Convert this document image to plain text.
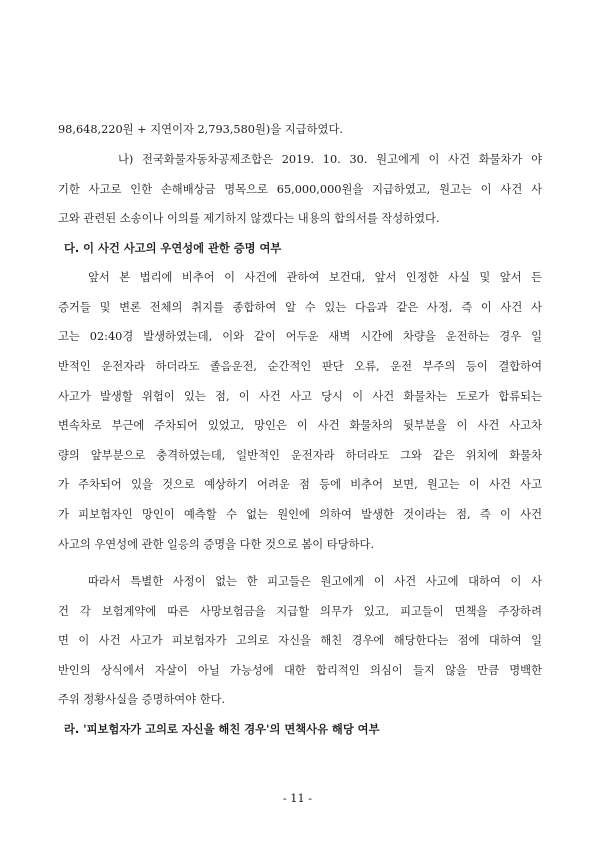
98,648,220원 + 지연이자 2,793,580원)을 지급하였다.
나) 전국화물자동차공제조합은 2019. 10. 30. 원고에게 이 사건 화물차가 야
기한 사고로 인한 손해배상금 명목으로 65,000,000원을 지급하였고, 원고는 이 사건 사
고와 관련된 소송이나 이의를 제기하지 않겠다는 내용의 합의서를 작성하였다.
다. 이 사건 사고의 우연성에 관한 증명 여부
앞서 본 법리에 비추어 이 사건에 관하여 보건대, 앞서 인정한 사실 및 앞서 든
증거들 및 변론 전체의 취지를 종합하여 알 수 있는 다음과 같은 사정, 즉 이 사건 사
고는 02:40경 발생하였는데, 이와 같이 어두운 새벽 시간에 차량을 운전하는 경우 일
반적인 운전자라 하더라도 졸음운전, 순간적인 판단 오류, 운전 부주의 등이 결합하여
사고가 발생할 위험이 있는 점, 이 사건 사고 당시 이 사건 화물차는 도로가 합류되는
변속차로 부근에 주차되어 있었고, 망인은 이 사건 화물차의 뒷부분을 이 사건 사고차
량의 앞부분으로 충격하였는데, 일반적인 운전자라 하더라도 그와 같은 위치에 화물차
가 주차되어 있을 것으로 예상하기 어려운 점 등에 비추어 보면, 원고는 이 사건 사고
가 피보험자인 망인이 예측할 수 없는 원인에 의하여 발생한 것이라는 점, 즉 이 사건
사고의 우연성에 관한 일응의 증명을 다한 것으로 봄이 타당하다.
따라서 특별한 사정이 없는 한 피고들은 원고에게 이 사건 사고에 대하여 이 사
건 각 보험계약에 따른 사망보험금을 지급할 의무가 있고, 피고들이 면책을 주장하려
면 이 사건 사고가 피보험자가 고의로 자신을 해친 경우에 해당한다는 점에 대하여 일
반인의 상식에서 자살이 아닐 가능성에 대한 합리적인 의심이 들지 않을 만큼 명백한
주위 정황사실을 증명하여야 한다.
라. '피보험자가 고의로 자신을 해친 경우'의 면책사유 해당 여부
- 11 -
